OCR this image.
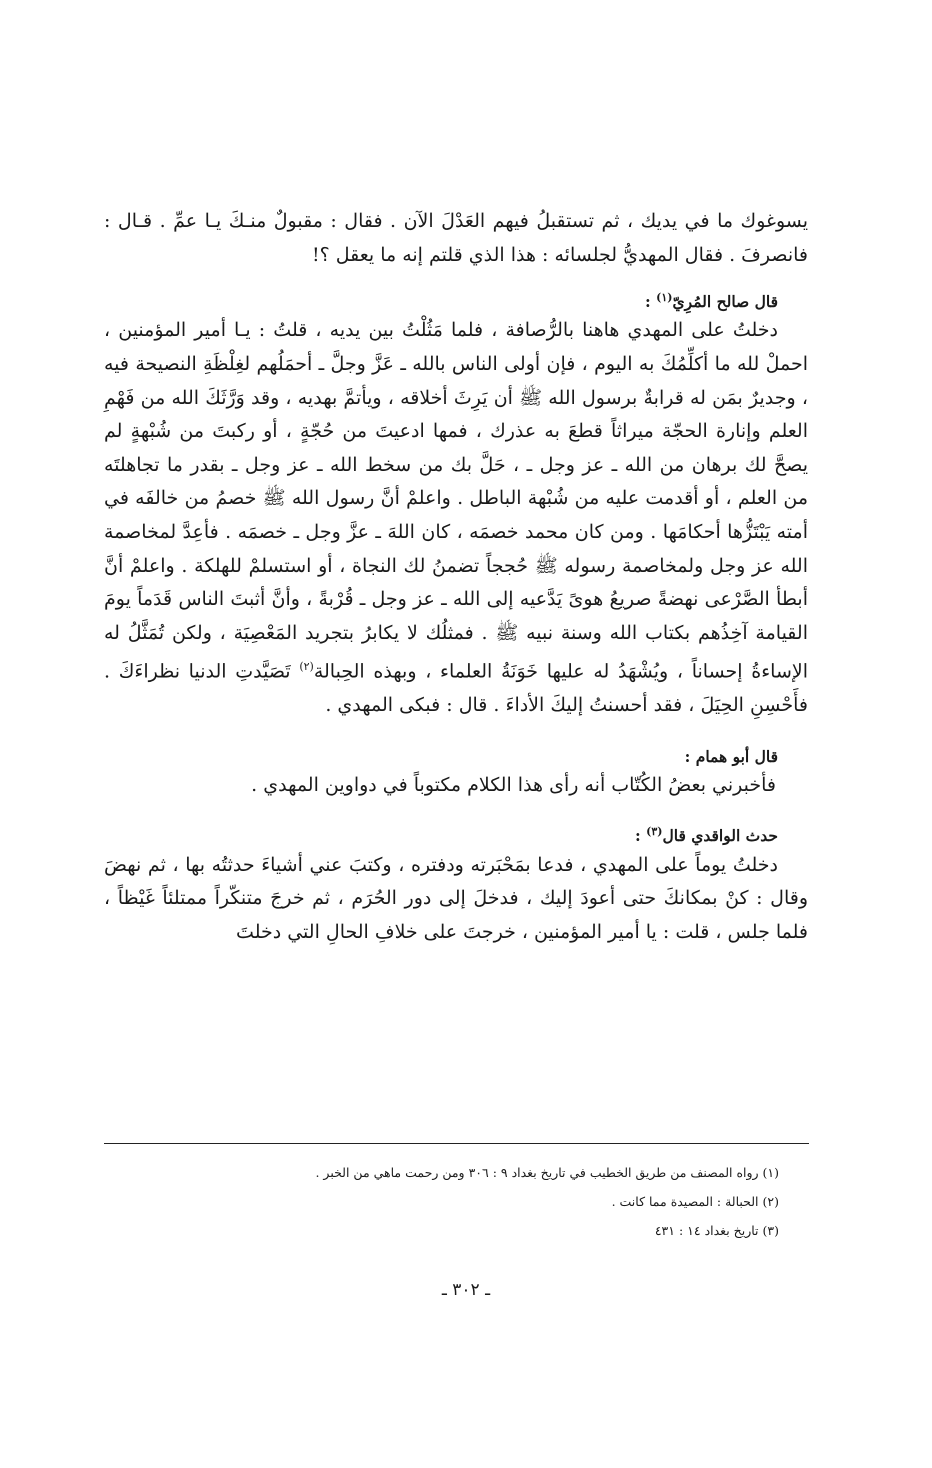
يسوغوك ما في يديك ، ثم تستقبلُ فيهم العَدْلَ الآن . فقال : مقبولٌ منـكَ يـا عمِّ . قـال : فانصرفَ . فقال المهديُّ لجلسائه : هذا الذي قلتم إنه ما يعقل ؟!

قال صالح المُرِيّ$^{(١)}$ :

دخلتُ على المهدي هاهنا بالرُّصافة ، فلما مَثُلْتُ بين يديه ، قلتُ : يـا أمير المؤمنين ، احملْ لله ما أكلِّمُكَ به اليوم ، فإن أولى الناس بالله ـ عَزَّ وجلَّ ـ أحمَلُهم لغِلْظَةِ النصيحة فيه ، وجديرٌ بمَن له قرابةٌ برسول الله ﷺ أن يَرِثَ أخلاقه ، ويأتمَّ بهديه ، وقد وَرَّثَكَ الله من فَهْمِ العلم وإنارة الحجّة ميراثاً قطعَ به عذرك ، فمها ادعيتَ من حُجّةٍ ، أو ركبتَ من شُبْهةٍ لم يصحَّ لك برهان من الله ـ عز وجل ـ ، حَلَّ بك من سخط الله ـ عز وجل ـ بقدر ما تجاهلتَه من العلم ، أو أقدمت عليه من شُبْهة الباطل . واعلمْ أنَّ رسول الله ﷺ خصمُ من خالفَه في أمته يَبْتَزُّها أحكامَها . ومن كان محمد خصمَه ، كان اللهَ ـ عزَّ وجل ـ خصمَه . فأعِدَّ لمخاصمة الله عز وجل ولمخاصمة رسوله ﷺ حُججاً تضمنُ لك النجاة ، أو استسلمْ للهلكة . واعلمْ أنَّ أبطأ الصَّرْعى نهضةً صريعُ هوىً يَدَّعيه إلى الله ـ عز وجل ـ قُرْبةً ، وأنَّ أثبتَ الناس قَدَماً يومَ القيامة آخِذُهم بكتاب الله وسنة نبيه ﷺ . فمثلُك لا يكابرُ بتجريد المَعْصِيَة ، ولكن تُمَثَّلُ له الإساءةُ إحساناً ، ويُشْهَدُ له عليها خَوَنَةُ العلماء ، وبهذه الحِبالة$^{(٢)}$ تَصَيَّدتِ الدنيا نظراءَكَ . فأَحْسِنِ الحِيَلَ ، فقد أحسنتُ إليكَ الأداءَ . قال : فبكى المهدي .

قال أبو همام :

فأخبرني بعضُ الكُتّاب أنه رأى هذا الكلام مكتوباً في دواوين المهدي .

حدث الواقدي قال$^{(٣)}$ :

دخلتُ يوماً على المهدي ، فدعا بمَحْبَرته ودفتره ، وكتبَ عني أشياءَ حدثتُه بها ، ثم نهضَ وقال : كنْ بمكانكَ حتى أعودَ إليك ، فدخلَ إلى دور الحُرَم ، ثم خرجَ متنكّراً ممتلئاً غَيْظاً ، فلما جلس ، قلت : يا أمير المؤمنين ، خرجتَ على خلافِ الحالِ التي دخلتَ

(١) رواه المصنف من طريق الخطيب في تاريخ بغداد ٩ : ٣٠٦ ومن رحمت ماهي من الخبر .

(٢) الحبالة : المصيدة مما كانت .

(٣) تاريخ بغداد ١٤ : ٤٣١

ـ ٣٠٢ ـ
